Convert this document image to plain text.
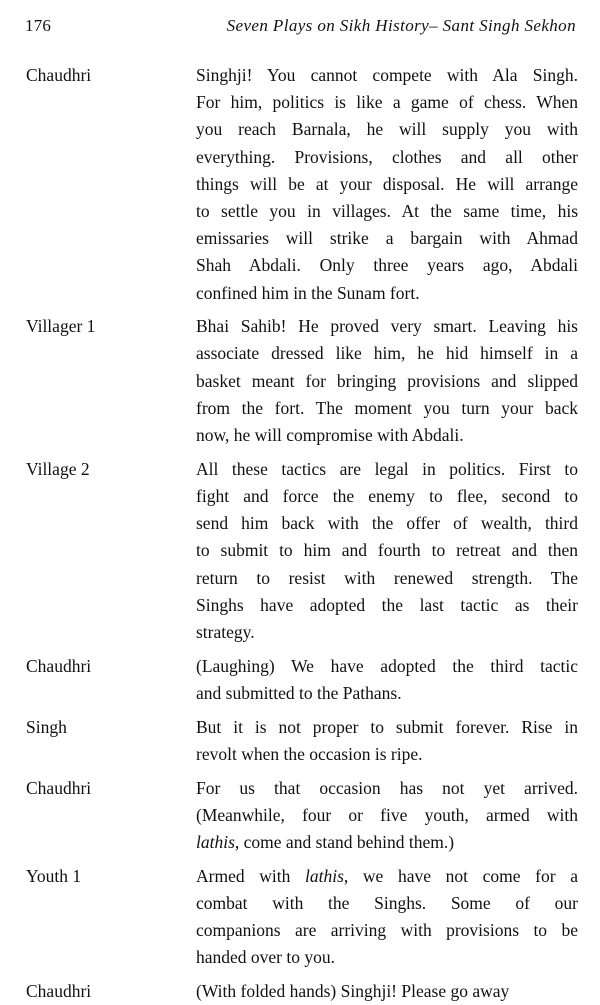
176	Seven Plays on Sikh History– Sant Singh Sekhon
Chaudhri	Singhji! You cannot compete with Ala Singh.
For him, politics is like a game of chess. When
you reach Barnala, he will supply you with
everything. Provisions, clothes and all other
things will be at your disposal. He will arrange
to settle you in villages. At the same time, his
emissaries will strike a bargain with Ahmad
Shah Abdali. Only three years ago, Abdali
confined him in the Sunam fort.
Villager 1	Bhai Sahib! He proved very smart. Leaving his
associate dressed like him, he hid himself in a
basket meant for bringing provisions and slipped
from the fort. The moment you turn your back
now, he will compromise with Abdali.
Village 2	All these tactics are legal in politics. First to
fight and force the enemy to flee, second to
send him back with the offer of wealth, third
to submit to him and fourth to retreat and then
return to resist with renewed strength. The
Singhs have adopted the last tactic as their
strategy.
Chaudhri	(Laughing) We have adopted the third tactic
and submitted to the Pathans.
Singh	But it is not proper to submit forever. Rise in
revolt when the occasion is ripe.
Chaudhri	For us that occasion has not yet arrived.
(Meanwhile, four or five youth, armed with
lathis, come and stand behind them.)
Youth 1	Armed with lathis, we have not come for a
combat with the Singhs. Some of our
companions are arriving with provisions to be
handed over to you.
Chaudhri	(With folded hands) Singhji! Please go away
